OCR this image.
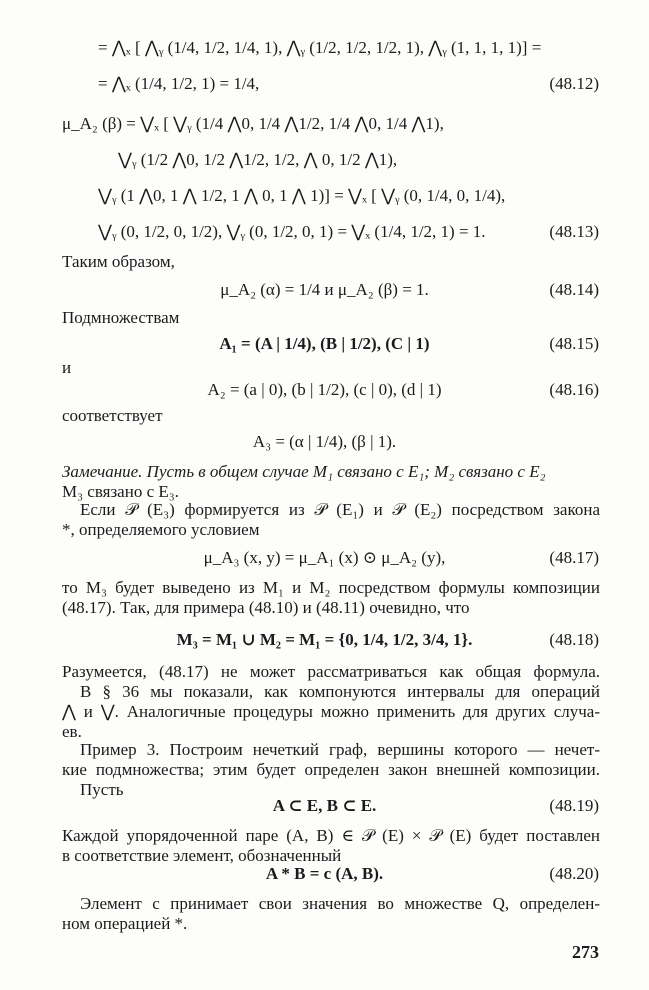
= ⋀ₓ [ ⋀ᵧ (1/4, 1/2, 1/4, 1), ⋀ᵧ (1/2, 1/2, 1/2, 1), ⋀ᵧ (1, 1, 1, 1)] =
= ⋀ₓ (1/4, 1/2, 1) = 1/4,	(48.12)
μ_A₂ (β) = ⋁ₓ [ ⋁ᵧ (1/4 ⋀0, 1/4 ⋀1/2, 1/4 ⋀0, 1/4 ⋀1),
⋁ᵧ (1/2 ⋀0, 1/2 ⋀1/2, 1/2, ⋀ 0, 1/2 ⋀1),
⋁ᵧ (1 ⋀0, 1 ⋀ 1/2, 1 ⋀ 0, 1 ⋀ 1)] = ⋁ₓ [ ⋁ᵧ (0, 1/4, 0, 1/4),
⋁ᵧ (0, 1/2, 0, 1/2), ⋁ᵧ (0, 1/2, 0, 1) = ⋁ₓ (1/4, 1/2, 1) = 1.	(48.13)
Таким образом,
μ_A₂ (α) = 1/4 и μ_A₂ (β) = 1.	(48.14)
Подмножествам
A₁ = (A | 1/4), (B | 1/2), (C | 1)	(48.15)
и
A₂ = (a | 0), (b | 1/2), (c | 0), (d | 1)	(48.16)
соответствует
A₃ = (α | 1/4), (β | 1).
Замечание. Пусть в общем случае M₁ связано с E₁; M₂ связано с E₂
M₃ связано с E₃.
Если 𝒫 (E₃) формируется из 𝒫 (E₁) и 𝒫 (E₂) посредством закона
*, определяемого условием
μ_A₃ (x, y) = μ_A₁ (x) ⊙ μ_A₂ (y),	(48.17)
то M₃ будет выведено из M₁ и M₂ посредством формулы композиции
(48.17). Так, для примера (48.10) и (48.11) очевидно, что
M₃ = M₁ ∪ M₂ = M₁ = {0, 1/4, 1/2, 3/4, 1}.	(48.18)
Разумеется, (48.17) не может рассматриваться как общая формула.
В § 36 мы показали, как компонуются интервалы для операций
⋀ и ⋁. Аналогичные процедуры можно применить для других случа-
ев.
Пример 3. Построим нечеткий граф, вершины которого — нечет-
кие подмножества; этим будет определен закон внешней композиции.
Пусть
A ⊂ E, B ⊂ E.	(48.19)
Каждой упорядоченной паре (A, B) ∈ 𝒫 (E) × 𝒫 (E) будет поставлен
в соответствие элемент, обозначенный
A * B = c (A, B).	(48.20)
Элемент c принимает свои значения во множестве Q, определен-
ном операцией *.
273
